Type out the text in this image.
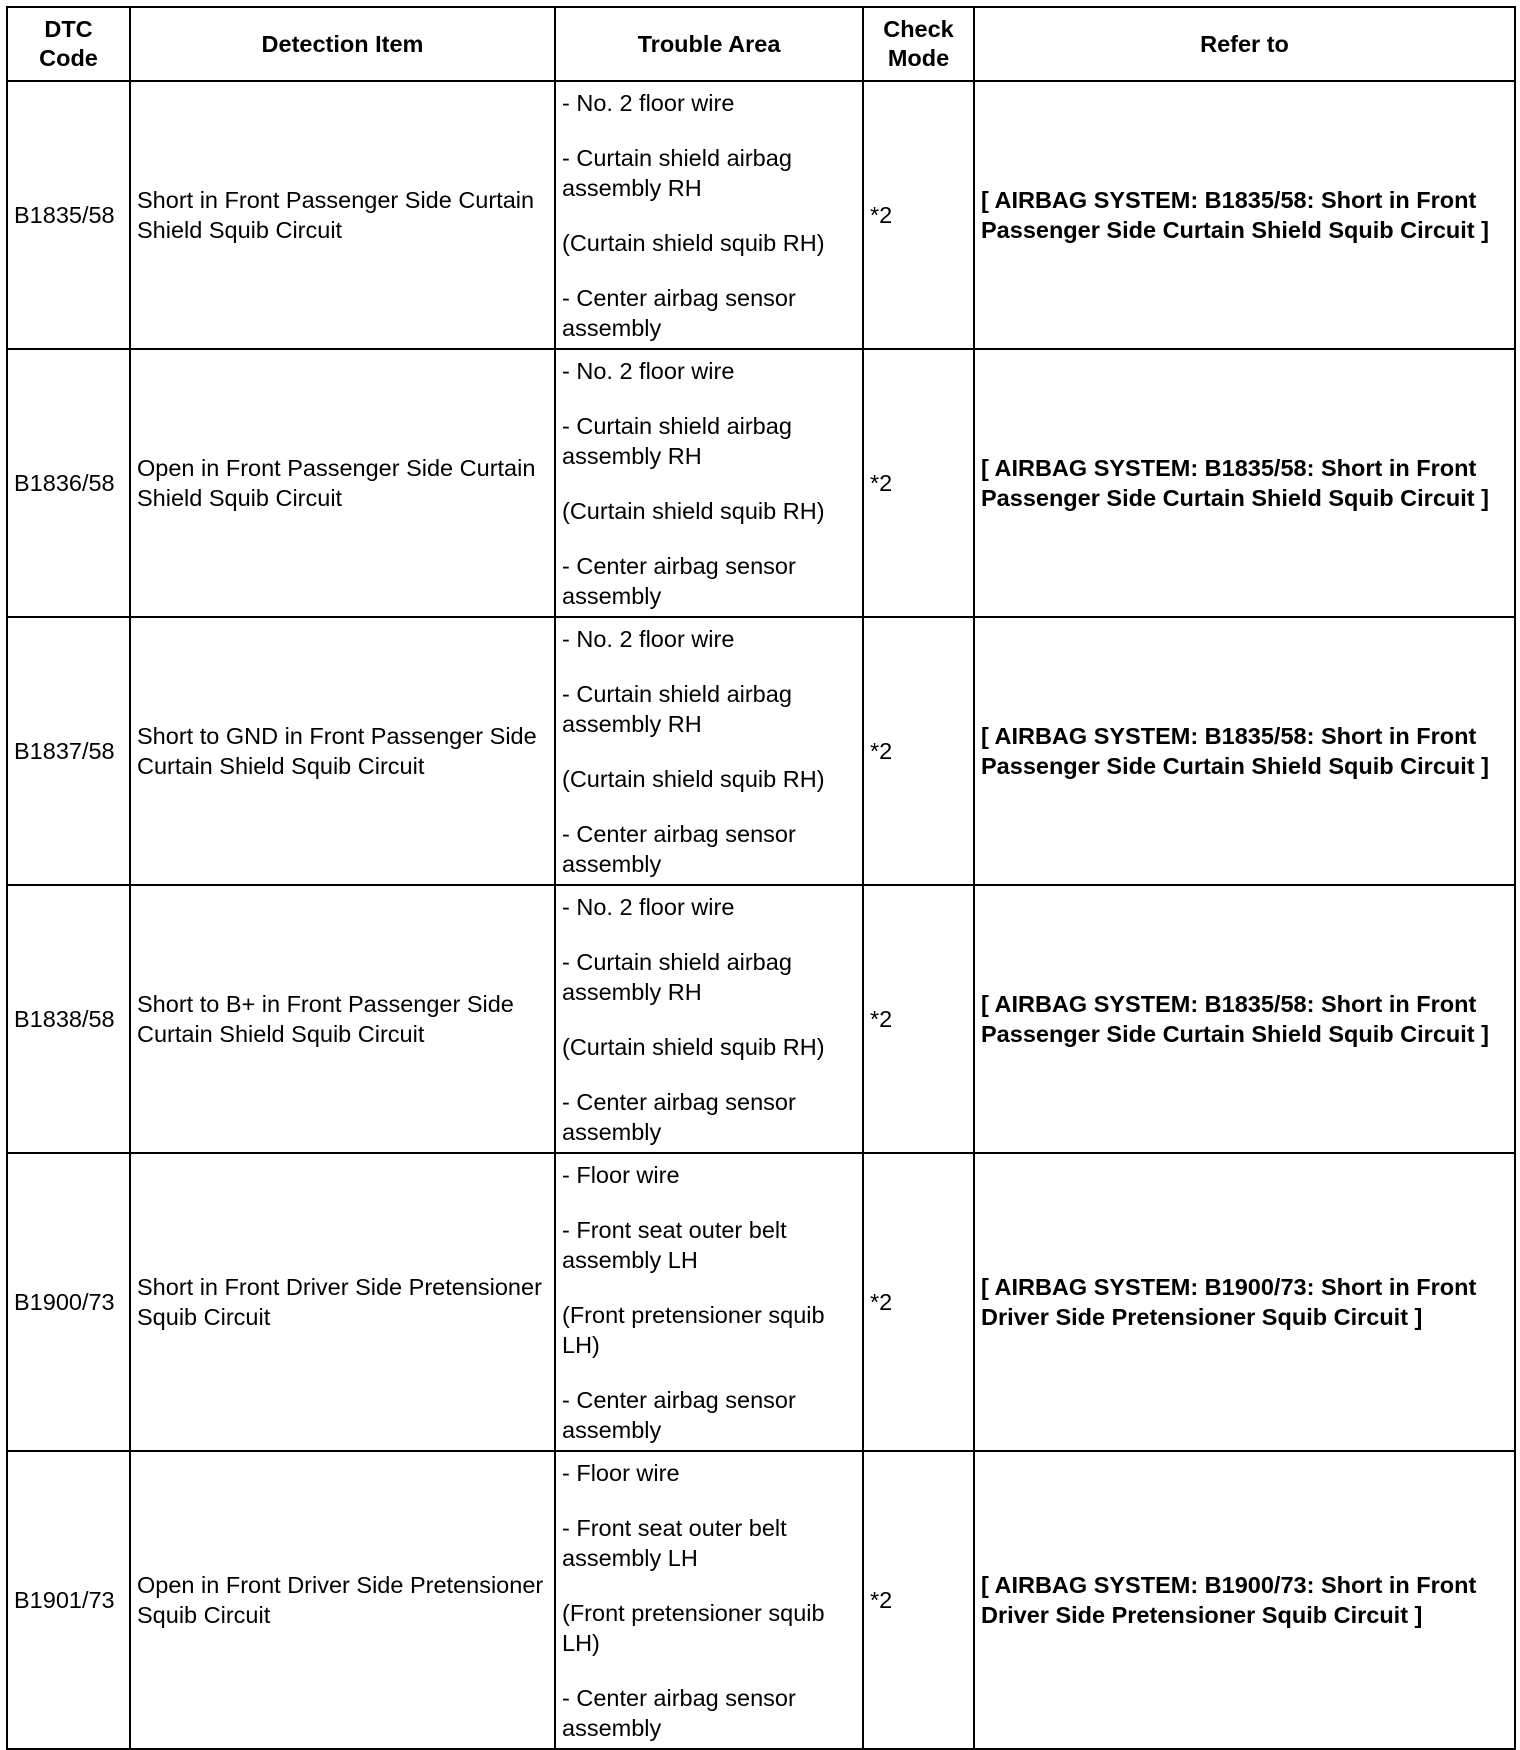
DTC Code	Detection Item	Trouble Area	Check Mode	Refer to
B1835/58	Short in Front Passenger Side Curtain Shield Squib Circuit	- No. 2 floor wire
- Curtain shield airbag assembly RH
(Curtain shield squib RH)
- Center airbag sensor assembly	*2	[ AIRBAG SYSTEM: B1835/58: Short in Front Passenger Side Curtain Shield Squib Circuit ]
B1836/58	Open in Front Passenger Side Curtain Shield Squib Circuit	- No. 2 floor wire
- Curtain shield airbag assembly RH
(Curtain shield squib RH)
- Center airbag sensor assembly	*2	[ AIRBAG SYSTEM: B1835/58: Short in Front Passenger Side Curtain Shield Squib Circuit ]
B1837/58	Short to GND in Front Passenger Side Curtain Shield Squib Circuit	- No. 2 floor wire
- Curtain shield airbag assembly RH
(Curtain shield squib RH)
- Center airbag sensor assembly	*2	[ AIRBAG SYSTEM: B1835/58: Short in Front Passenger Side Curtain Shield Squib Circuit ]
B1838/58	Short to B+ in Front Passenger Side Curtain Shield Squib Circuit	- No. 2 floor wire
- Curtain shield airbag assembly RH
(Curtain shield squib RH)
- Center airbag sensor assembly	*2	[ AIRBAG SYSTEM: B1835/58: Short in Front Passenger Side Curtain Shield Squib Circuit ]
B1900/73	Short in Front Driver Side Pretensioner Squib Circuit	- Floor wire
- Front seat outer belt assembly LH
(Front pretensioner squib LH)
- Center airbag sensor assembly	*2	[ AIRBAG SYSTEM: B1900/73: Short in Front Driver Side Pretensioner Squib Circuit ]
B1901/73	Open in Front Driver Side Pretensioner Squib Circuit	- Floor wire
- Front seat outer belt assembly LH
(Front pretensioner squib LH)
- Center airbag sensor assembly	*2	[ AIRBAG SYSTEM: B1900/73: Short in Front Driver Side Pretensioner Squib Circuit ]
